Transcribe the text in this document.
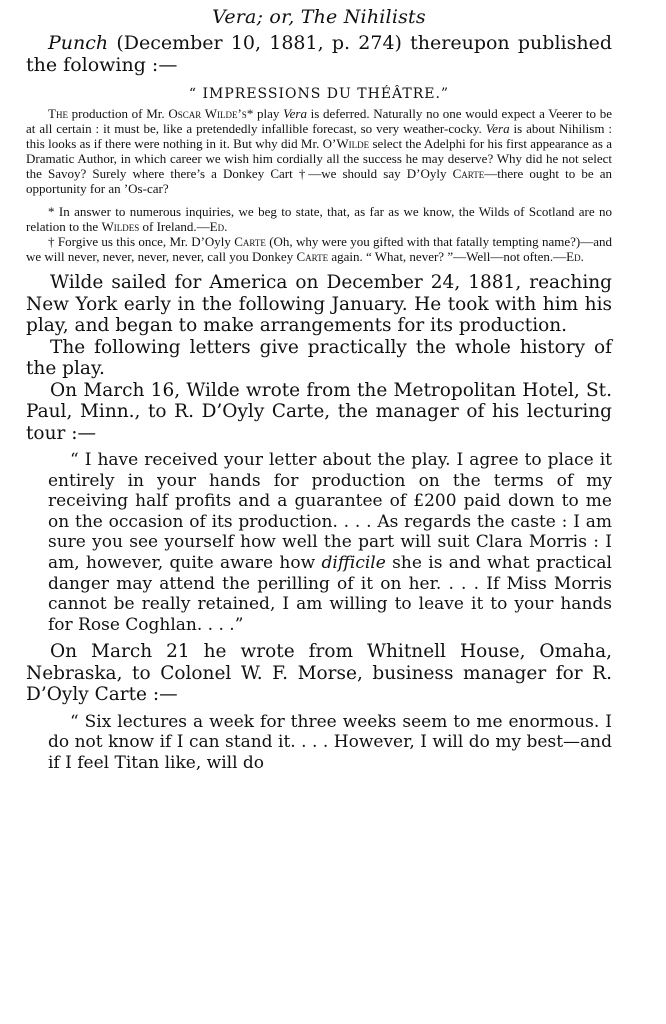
Vera; or, The Nihilists

Punch (December 10, 1881, p. 274) thereupon published the folowing :—

“ IMPRESSIONS DU THÉÂTRE.”

The production of Mr. Oscar Wilde’s* play Vera is deferred. Naturally no one would expect a Veerer to be at all certain : it must be, like a pretendedly infallible forecast, so very weather-cocky. Vera is about Nihilism : this looks as if there were nothing in it. But why did Mr. O’Wilde select the Adelphi for his first appearance as a Dramatic Author, in which career we wish him cordially all the success he may deserve? Why did he not select the Savoy? Surely where there’s a Donkey Cart †—we should say D’Oyly Carte—there ought to be an opportunity for an ’Os-car?

* In answer to numerous inquiries, we beg to state, that, as far as we know, the Wilds of Scotland are no relation to the Wildes of Ireland.—Ed.

† Forgive us this once, Mr. D’Oyly Carte (Oh, why were you gifted with that fatally tempting name?)—and we will never, never, never, never, call you Donkey Carte again. “ What, never? ”—Well—not often.—Ed.

Wilde sailed for America on December 24, 1881, reaching New York early in the following January. He took with him his play, and began to make arrangements for its production.

The following letters give practically the whole history of the play.

On March 16, Wilde wrote from the Metropolitan Hotel, St. Paul, Minn., to R. D’Oyly Carte, the manager of his lecturing tour :—

“ I have received your letter about the play. I agree to place it entirely in your hands for production on the terms of my receiving half profits and a guarantee of £200 paid down to me on the occasion of its production. . . . As regards the caste : I am sure you see yourself how well the part will suit Clara Morris : I am, however, quite aware how difficile she is and what practical danger may attend the perilling of it on her. . . . If Miss Morris cannot be really retained, I am willing to leave it to your hands for Rose Coghlan. . . .”

On March 21 he wrote from Whitnell House, Omaha, Nebraska, to Colonel W. F. Morse, business manager for R. D’Oyly Carte :—

“ Six lectures a week for three weeks seem to me enormous. I do not know if I can stand it. . . . However, I will do my best—and if I feel Titan like, will do
